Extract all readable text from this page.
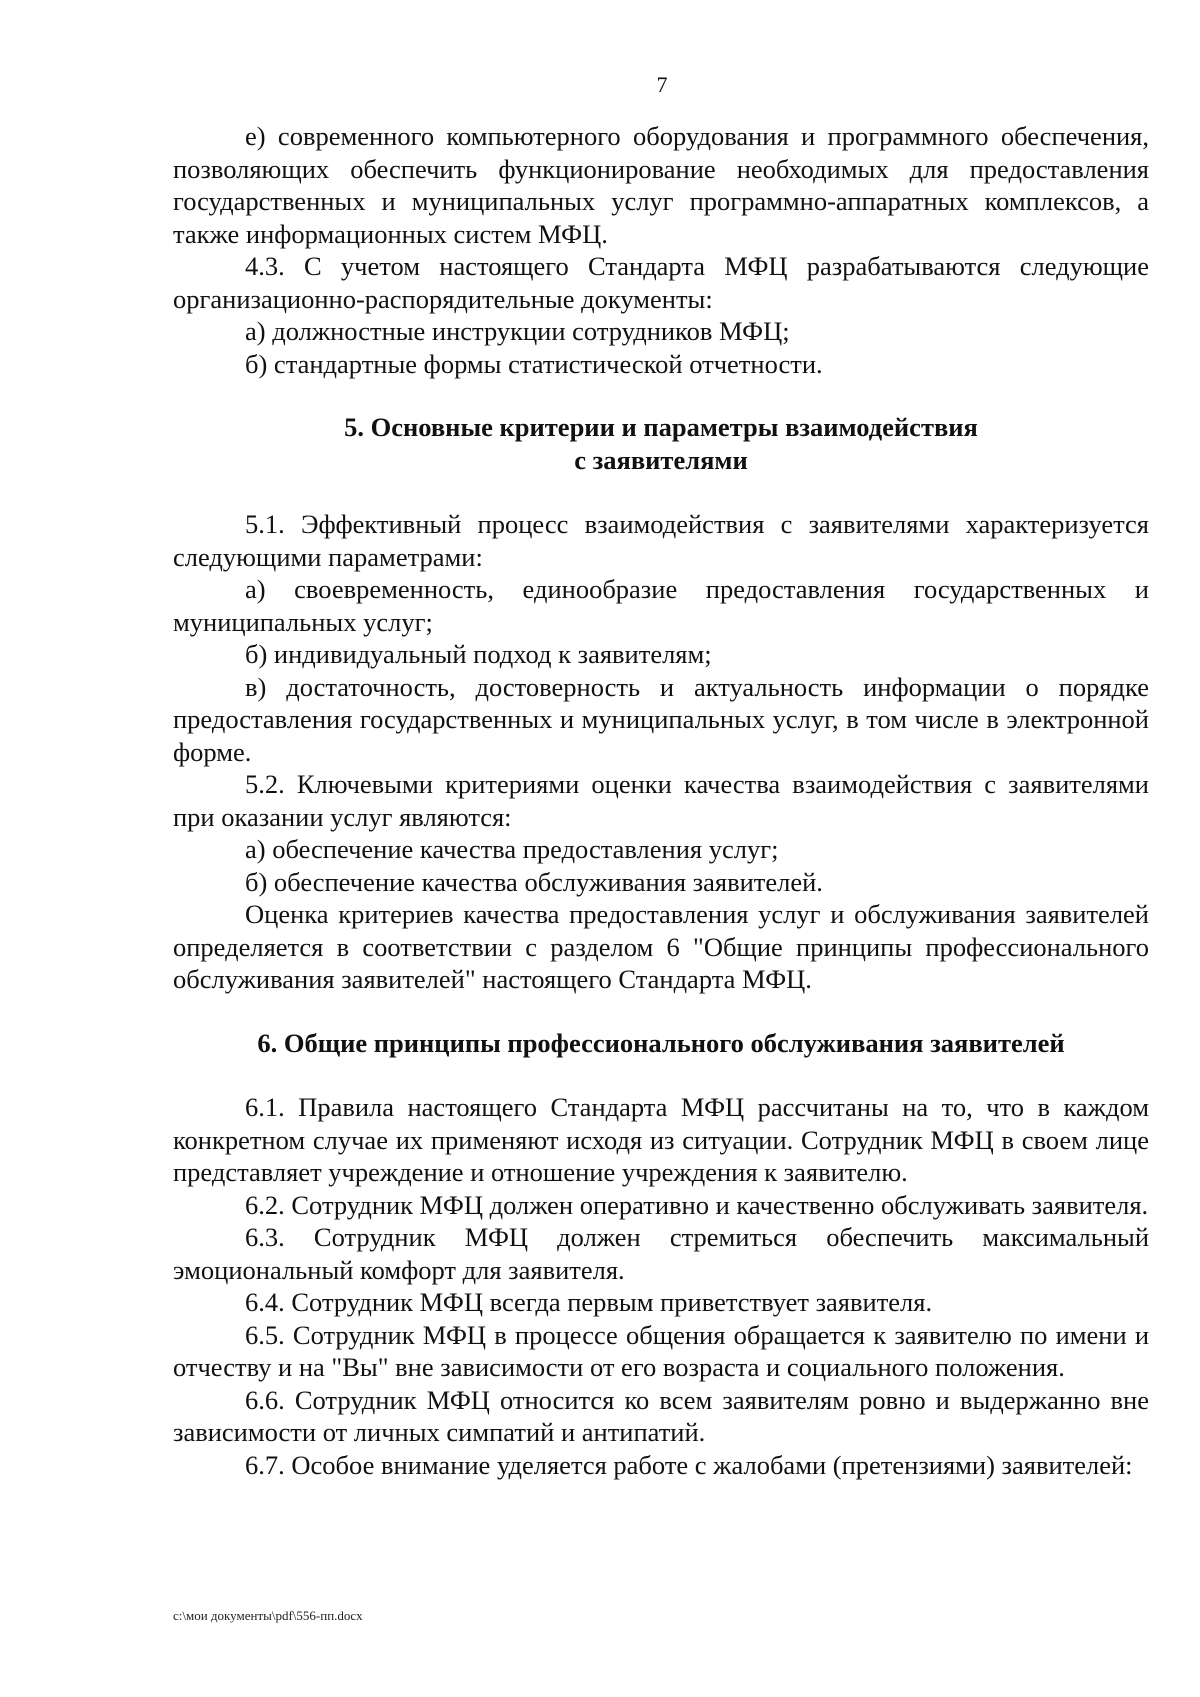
7

е) современного компьютерного оборудования и программного обеспечения, позволяющих обеспечить функционирование необходимых для предоставления государственных и муниципальных услуг программно-аппаратных комплексов, а также информационных систем МФЦ.

4.3. С учетом настоящего Стандарта МФЦ разрабатываются следующие организационно-распорядительные документы:

а) должностные инструкции сотрудников МФЦ;

б) стандартные формы статистической отчетности.

5. Основные критерии и параметры взаимодействия

с заявителями

5.1. Эффективный процесс взаимодействия с заявителями характеризуется следующими параметрами:

а) своевременность, единообразие предоставления государственных и муниципальных услуг;

б) индивидуальный подход к заявителям;

в) достаточность, достоверность и актуальность информации о порядке предоставления государственных и муниципальных услуг, в том числе в электронной форме.

5.2. Ключевыми критериями оценки качества взаимодействия с заявителями при оказании услуг являются:

а) обеспечение качества предоставления услуг;

б) обеспечение качества обслуживания заявителей.

Оценка критериев качества предоставления услуг и обслуживания заявителей определяется в соответствии с разделом 6 "Общие принципы профессионального обслуживания заявителей" настоящего Стандарта МФЦ.

6. Общие принципы профессионального обслуживания заявителей

6.1. Правила настоящего Стандарта МФЦ рассчитаны на то, что в каждом конкретном случае их применяют исходя из ситуации. Сотрудник МФЦ в своем лице представляет учреждение и отношение учреждения к заявителю.

6.2. Сотрудник МФЦ должен оперативно и качественно обслуживать заявителя.

6.3. Сотрудник МФЦ должен стремиться обеспечить максимальный эмоциональный комфорт для заявителя.

6.4. Сотрудник МФЦ всегда первым приветствует заявителя.

6.5. Сотрудник МФЦ в процессе общения обращается к заявителю по имени и отчеству и на "Вы" вне зависимости от его возраста и социального положения.

6.6. Сотрудник МФЦ относится ко всем заявителям ровно и выдержанно вне зависимости от личных симпатий и антипатий.

6.7. Особое внимание уделяется работе с жалобами (претензиями) заявителей:

c:\мои документы\pdf\556-пп.docx
